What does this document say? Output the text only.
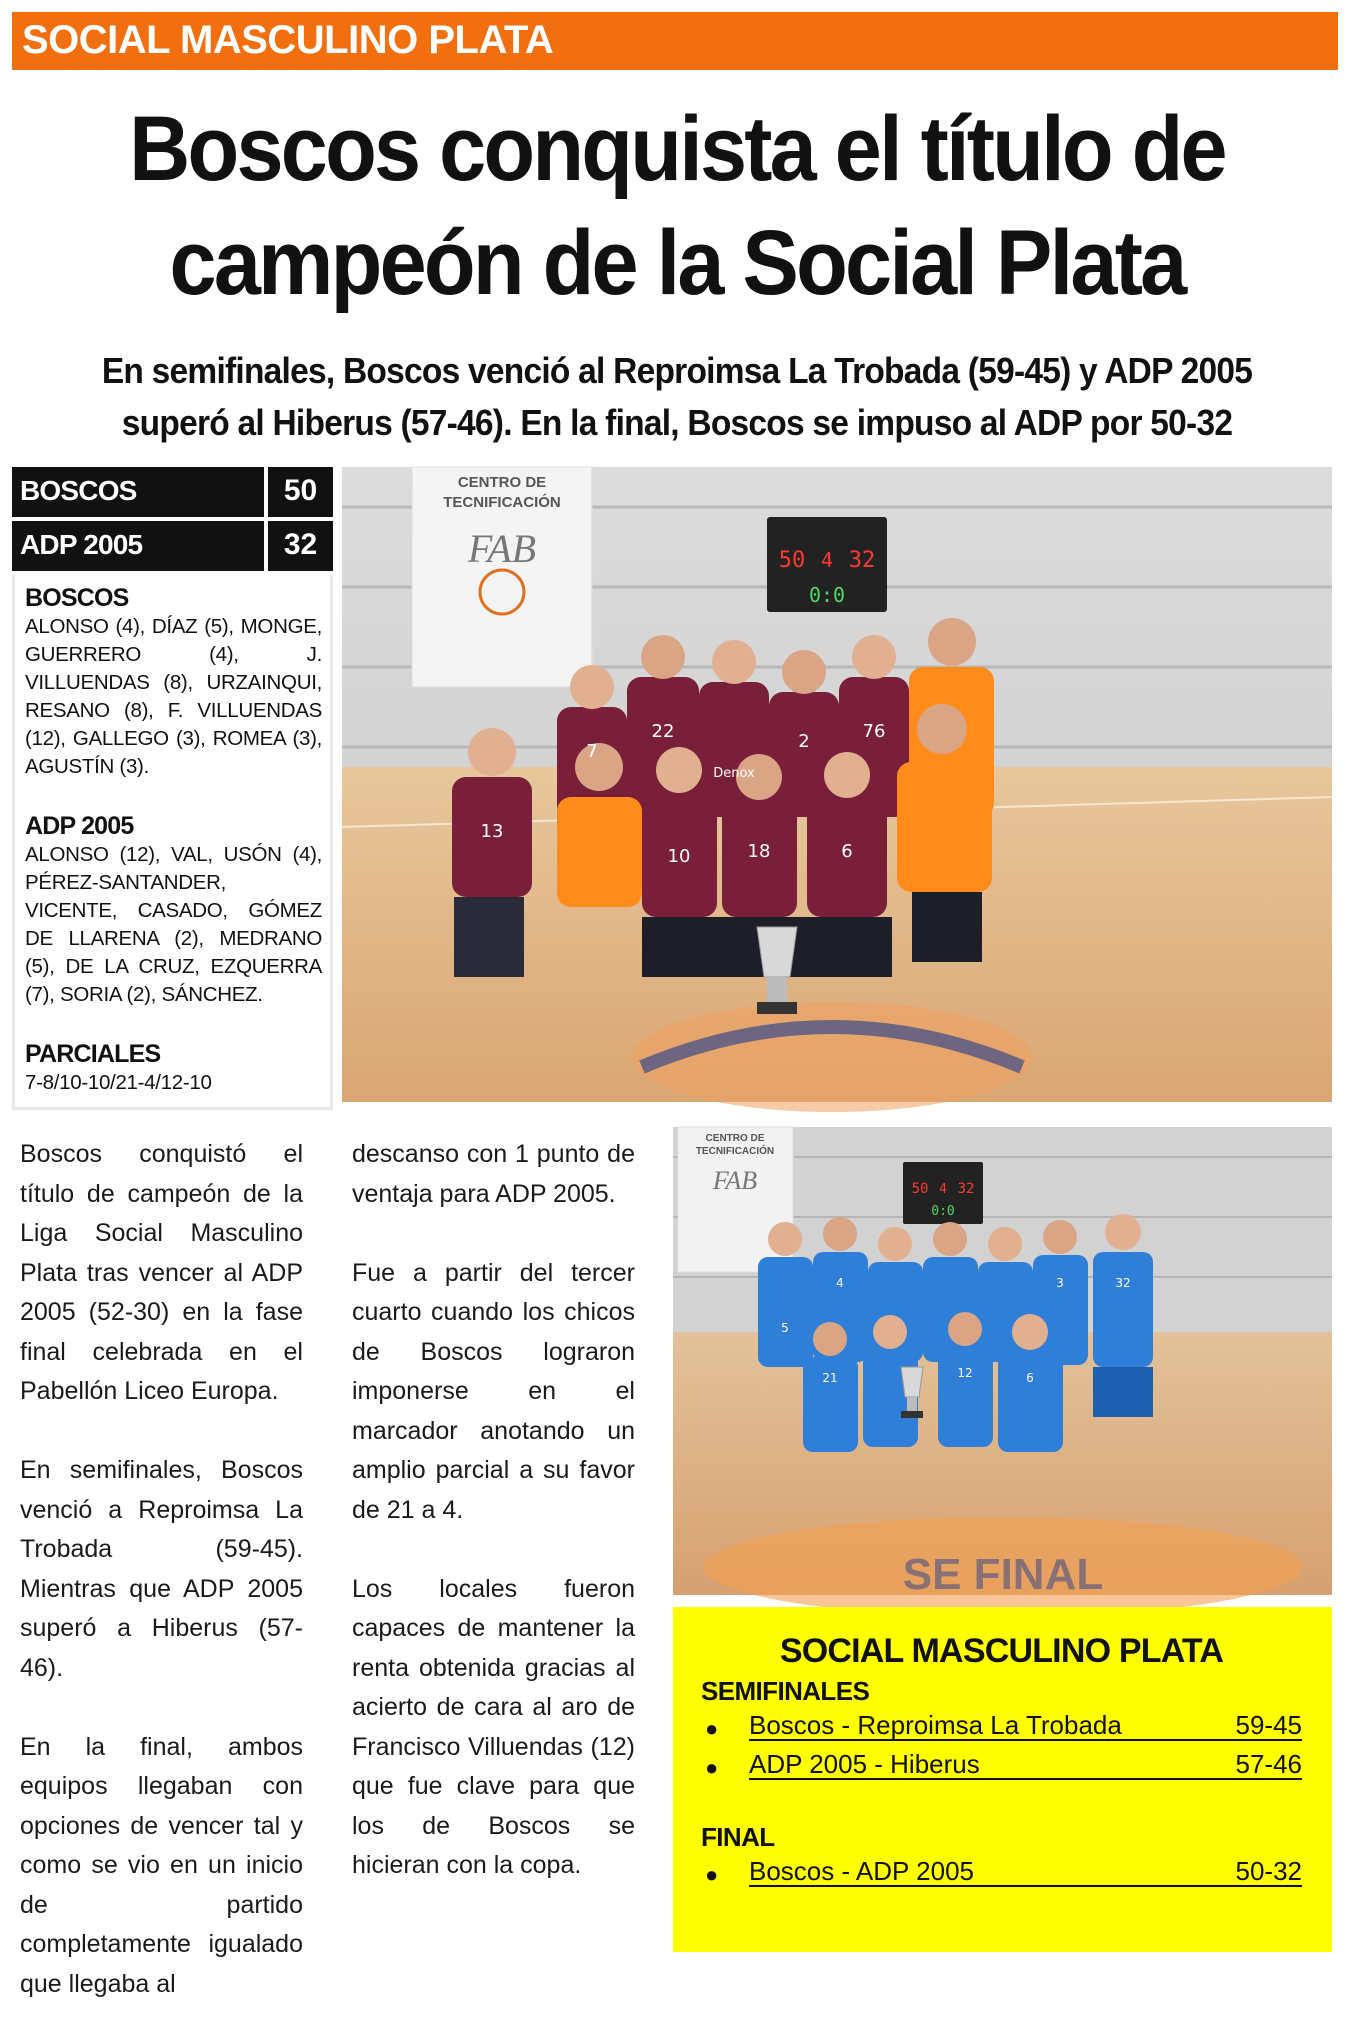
SOCIAL MASCULINO PLATA
Boscos conquista el título de
campeón de la Social Plata
En semifinales, Boscos venció al Reproimsa La Trobada (59-45) y ADP 2005
superó al Hiberus (57-46). En la final, Boscos se impuso al ADP por 50-32
BOSCOS	50
ADP 2005	32
BOSCOS

ALONSO (4), DÍAZ (5), MONGE, GUERRERO (4), J. VILLUENDAS (8), URZAINQUI, RESANO (8), F. VILLUENDAS (12), GALLEGO (3), ROMEA (3), AGUSTÍN (3).

ADP 2005

ALONSO (12), VAL, USÓN (4), PÉREZ-SANTANDER, VICENTE, CASADO, GÓMEZ DE LLARENA (2), MEDRANO (5), DE LA CRUZ, EZQUERRA (7), SORIA (2), SÁNCHEZ.

PARCIALES

7-8/10-10/21-4/12-10

CENTRO DE
TECNIFICACIÓN
FAB	50 4 32
0:0
7
22	2	76
13
18	6
10
Denox
CENTRO DE
TECNIFICACIÓN
FAB	50 4 32
0:0
SE FINAL
5
4	3	32
21	12	6

Boscos conquistó el título de campeón de la Liga Social Masculino Plata tras vencer al ADP 2005 (52-30) en la fase final celebrada en el Pabellón Liceo Europa.

En semifinales, Boscos venció a Reproimsa La Trobada (59-45). Mientras que ADP 2005 superó a Hiberus (57-46).

En la final, ambos equipos llegaban con opciones de vencer tal y como se vio en un inicio de partido completamente igualado que llegaba al

descanso con 1 punto de ventaja para ADP 2005.

Fue a partir del tercer cuarto cuando los chicos de Boscos lograron imponerse en el marcador anotando un amplio parcial a su favor de 21 a 4.

Los locales fueron capaces de mantener la renta obtenida gracias al acierto de cara al aro de Francisco Villuendas (12) que fue clave para que los de Boscos se hicieran con la copa.

SOCIAL MASCULINO PLATA
SEMIFINALES
● Boscos - Reproimsa La Trobada	59-45
● ADP 2005 - Hiberus	57-46
FINAL
● Boscos - ADP 2005	50-32
